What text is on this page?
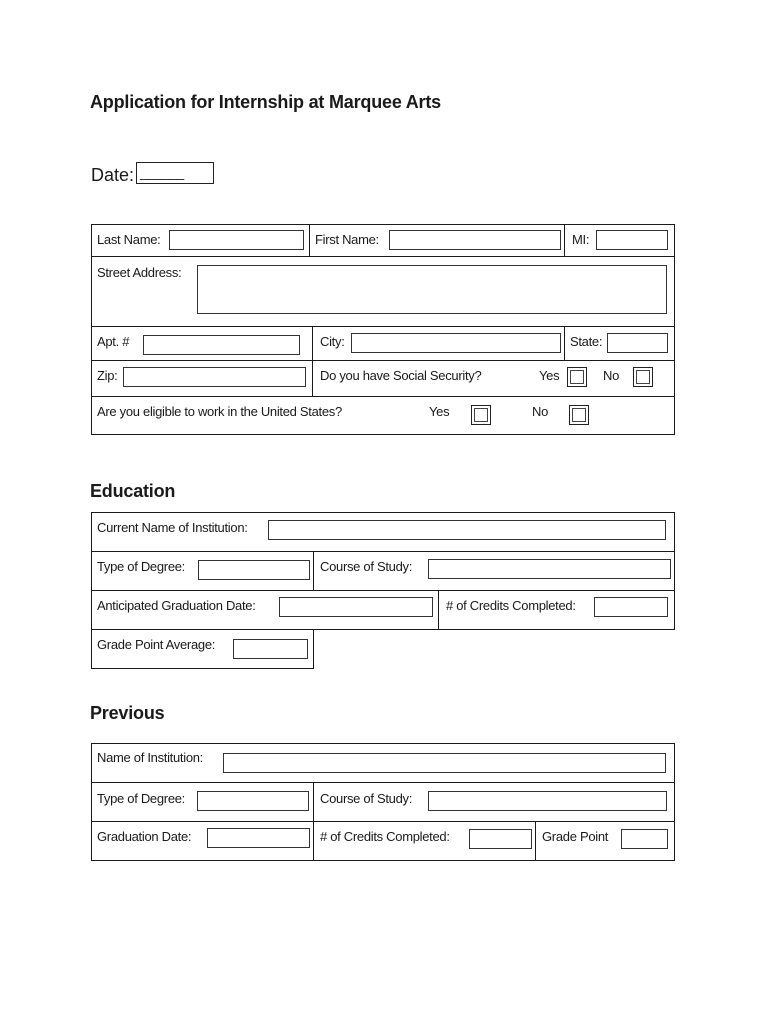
Application for Internship at Marquee Arts
Date: ______
Last Name:	First Name:	MI:
Street Address:
Apt. #	City:	State:
Zip:	Do you have Social Security?	Yes	No
Are you eligible to work in the United States?	Yes	No
Education
Current Name of Institution:
Type of Degree:	Course of Study:
Anticipated Graduation Date:	# of Credits Completed:
Grade Point Average:
Previous
Name of Institution:
Type of Degree:	Course of Study:
Graduation Date:	# of Credits Completed:	Grade Point
